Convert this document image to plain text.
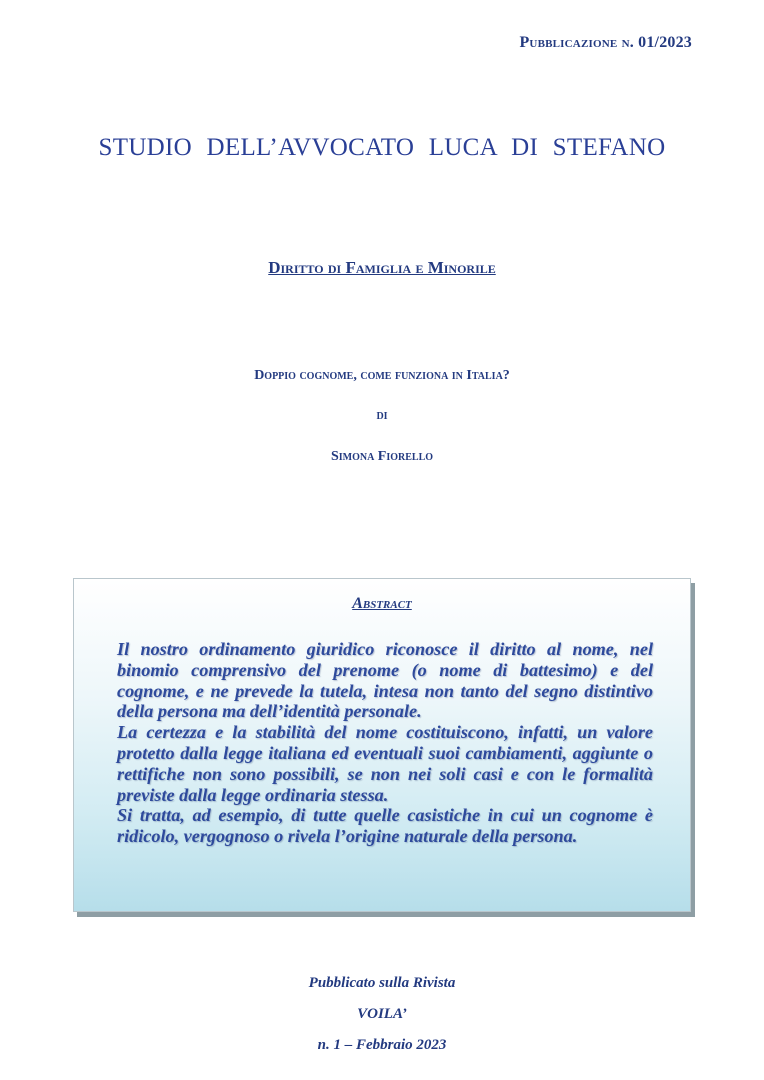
Pubblicazione n. 01/2023
STUDIO DELL’AVVOCATO LUCA DI STEFANO
Diritto di Famiglia e Minorile
Doppio cognome, come funziona in Italia?
di
Simona Fiorello
Abstract

Il nostro ordinamento giuridico riconosce il diritto al nome, nel binomio comprensivo del prenome (o nome di battesimo) e del cognome, e ne prevede la tutela, intesa non tanto del segno distintivo della persona ma dell’identità personale.

La certezza e la stabilità del nome costituiscono, infatti, un valore protetto dalla legge italiana ed eventuali suoi cambiamenti, aggiunte o rettifiche non sono possibili, se non nei soli casi e con le formalità previste dalla legge ordinaria stessa.

Si tratta, ad esempio, di tutte quelle casistiche in cui un cognome è ridicolo, vergognoso o rivela l’origine naturale della persona.

Pubblicato sulla Rivista
VOILA’
n. 1 – Febbraio 2023
